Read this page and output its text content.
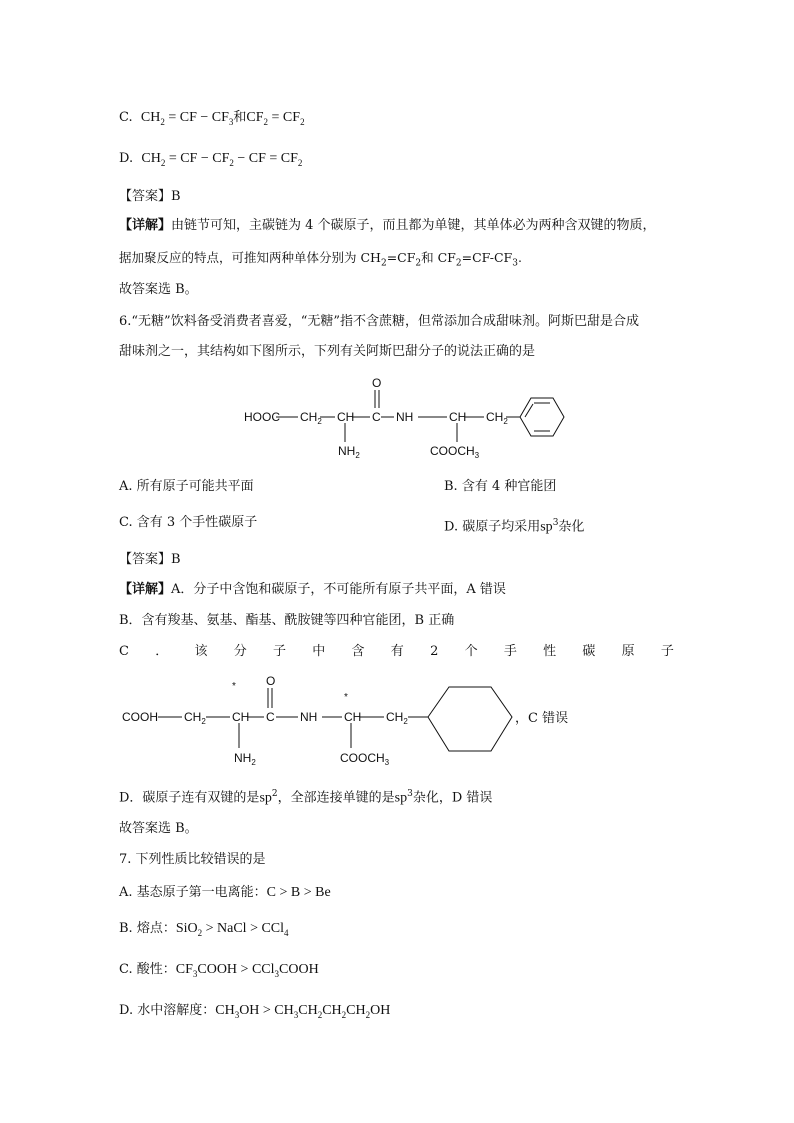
C. $CH_2$ = CF − $CF_3$和$CF_2 = CF_2$
D. $CH_2$ = CF − $CF_2$ − CF = $CF_2$
【答案】B
【详解】由链节可知，主碳链为 4 个碳原子，而且都为单键，其单体必为两种含双键的物质，
据加聚反应的特点，可推知两种单体分别为 $CH_2=CF_2$和 $CF_2=CF-CF_3$.
故答案选 B。
6.“无糖”饮料备受消费者喜爱，“无糖”指不含蔗糖，但常添加合成甜味剂。阿斯巴甜是合成
甜味剂之一，其结构如下图所示，下列有关阿斯巴甜分子的说法正确的是
HOOC $CH_2$ CH C
O
NH	CH $CH_2$
$NH_2$	$COOCH_3$
A. 所有原子可能共平面	B. 含有 4 种官能团
C. 含有 3 个手性碳原子	D. 碳原子均采用$sp^3$杂化
【答案】B
【详解】A．分子中含饱和碳原子，不可能所有原子共平面，A 错误
B．含有羧基、氨基、酯基、酰胺键等四种官能团，B 正确
C ． 该 分 子 中 含 有 2 个 手 性 碳 原 子
COOH $CH_2$ CH
*
C
O
NH CH
*
$CH_2$
$NH_2$	$COOCH_3$
，C 错误
D．碳原子连有双键的是$sp^2$，全部连接单键的是$sp^3$杂化，D 错误
故答案选 B。
7. 下列性质比较错误的是
A. 基态原子第一电离能：C > B > Be
B. 熔点：SiO$_2$ > NaCl > CCl$_4$
C. 酸性：$CF_3COOH$ > CCl$_3$COOH
D. 水中溶解度：$CH_3OH > CH_3CH_2CH_2CH_2OH$
